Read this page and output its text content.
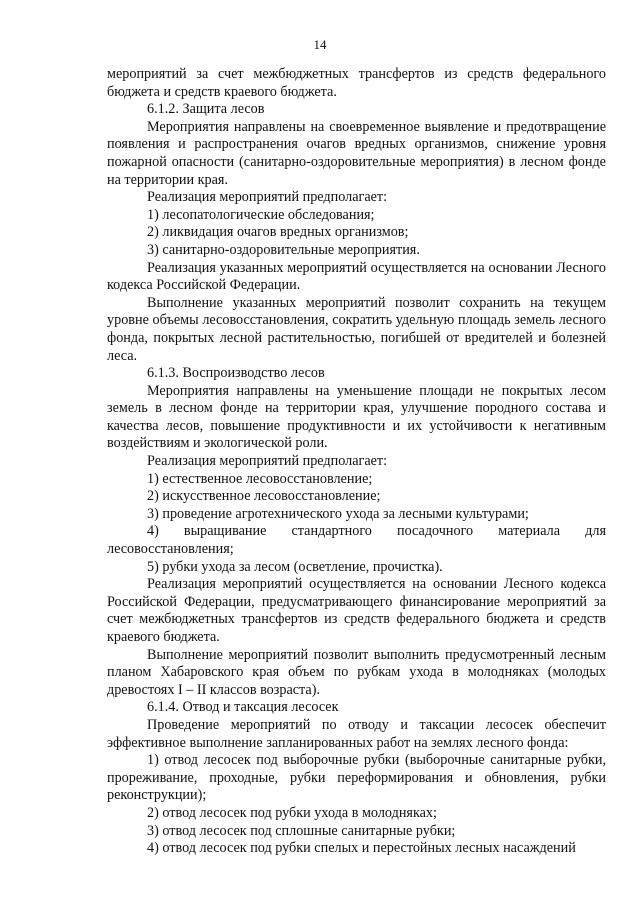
14

мероприятий за счет межбюджетных трансфертов из средств федерального бюджета и средств краевого бюджета.

6.1.2. Защита лесов

Мероприятия направлены на своевременное выявление и предотвращение появления и распространения очагов вредных организмов, снижение уровня пожарной опасности (санитарно-оздоровительные мероприятия) в лесном фонде на территории края.

Реализация мероприятий предполагает:

1) лесопатологические обследования;

2) ликвидация очагов вредных организмов;

3) санитарно-оздоровительные мероприятия.

Реализация указанных мероприятий осуществляется на основании Лесного кодекса Российской Федерации.

Выполнение указанных мероприятий позволит сохранить на текущем уровне объемы лесовосстановления, сократить удельную площадь земель лесного фонда, покрытых лесной растительностью, погибшей от вредителей и болезней леса.

6.1.3. Воспроизводство лесов

Мероприятия направлены на уменьшение площади не покрытых лесом земель в лесном фонде на территории края, улучшение породного состава и качества лесов, повышение продуктивности и их устойчивости к негативным воздействиям и экологической роли.

Реализация мероприятий предполагает:

1) естественное лесовосстановление;

2) искусственное лесовосстановление;

3) проведение агротехнического ухода за лесными культурами;

4) выращивание стандартного посадочного материала для лесовосстановления;

5) рубки ухода за лесом (осветление, прочистка).

Реализация мероприятий осуществляется на основании Лесного кодекса Российской Федерации, предусматривающего финансирование мероприятий за счет межбюджетных трансфертов из средств федерального бюджета и средств краевого бюджета.

Выполнение мероприятий позволит выполнить предусмотренный лесным планом Хабаровского края объем по рубкам ухода в молодняках (молодых древостоях I – II классов возраста).

6.1.4. Отвод и таксация лесосек

Проведение мероприятий по отводу и таксации лесосек обеспечит эффективное выполнение запланированных работ на землях лесного фонда:

1) отвод лесосек под выборочные рубки (выборочные санитарные рубки, прореживание, проходные, рубки переформирования и обновления, рубки реконструкции);

2) отвод лесосек под рубки ухода в молодняках;

3) отвод лесосек под сплошные санитарные рубки;

4) отвод лесосек под рубки спелых и перестойных лесных насаждений
